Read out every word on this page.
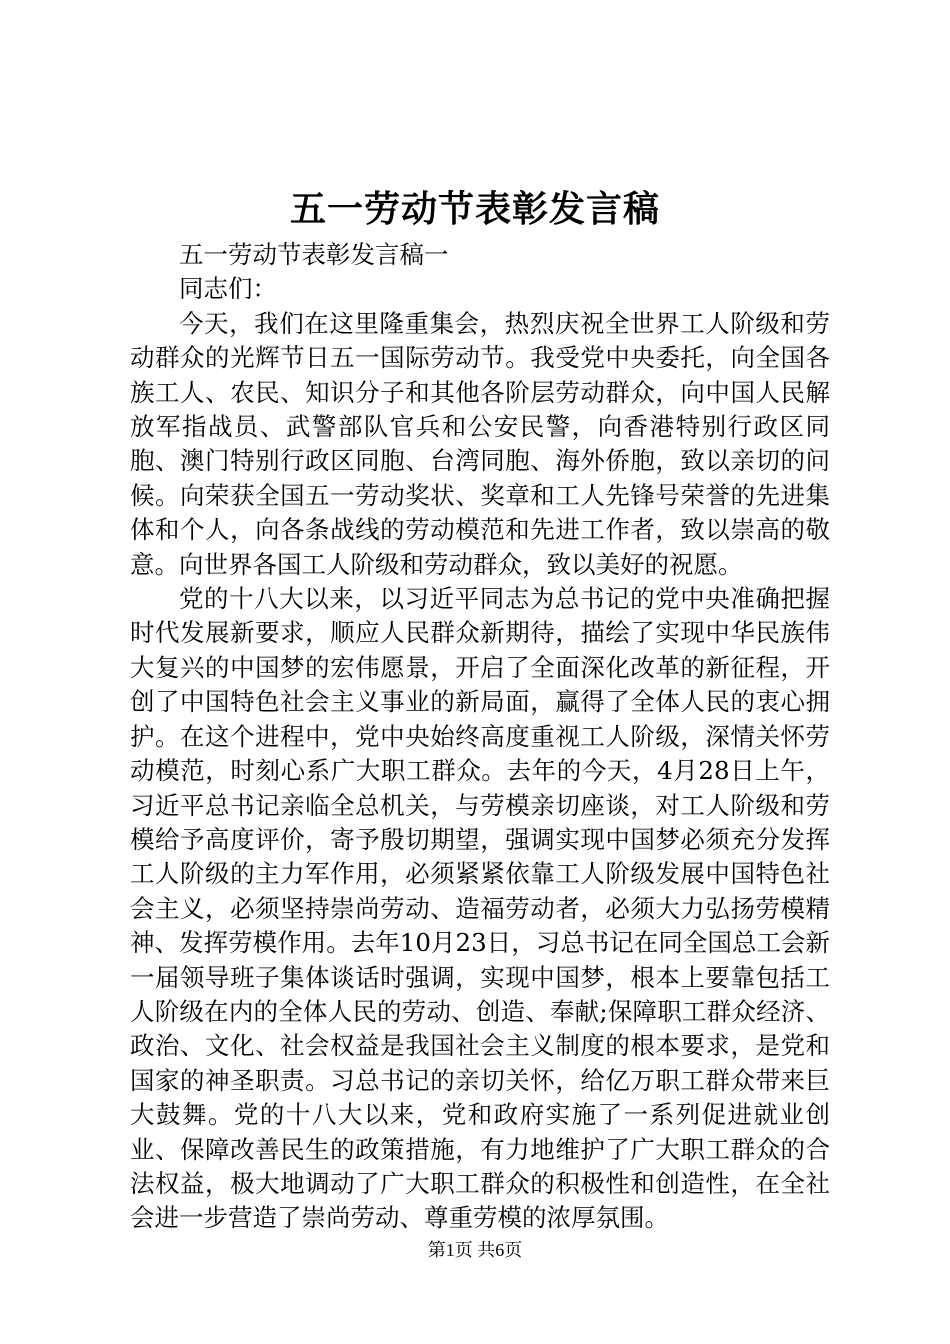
五一劳动节表彰发言稿

五一劳动节表彰发言稿一

同志们：

今天，我们在这里隆重集会，热烈庆祝全世界工人阶级和劳动群众的光辉节日五一国际劳动节。我受党中央委托，向全国各族工人、农民、知识分子和其他各阶层劳动群众，向中国人民解放军指战员、武警部队官兵和公安民警，向香港特别行政区同胞、澳门特别行政区同胞、台湾同胞、海外侨胞，致以亲切的问候。向荣获全国五一劳动奖状、奖章和工人先锋号荣誉的先进集体和个人，向各条战线的劳动模范和先进工作者，致以崇高的敬意。向世界各国工人阶级和劳动群众，致以美好的祝愿。

党的十八大以来，以习近平同志为总书记的党中央准确把握时代发展新要求，顺应人民群众新期待，描绘了实现中华民族伟大复兴的中国梦的宏伟愿景，开启了全面深化改革的新征程，开创了中国特色社会主义事业的新局面，赢得了全体人民的衷心拥护。在这个进程中，党中央始终高度重视工人阶级，深情关怀劳动模范，时刻心系广大职工群众。去年的今天，4月28日上午，习近平总书记亲临全总机关，与劳模亲切座谈，对工人阶级和劳模给予高度评价，寄予殷切期望，强调实现中国梦必须充分发挥工人阶级的主力军作用，必须紧紧依靠工人阶级发展中国特色社会主义，必须坚持崇尚劳动、造福劳动者，必须大力弘扬劳模精神、发挥劳模作用。去年10月23日，习总书记在同全国总工会新一届领导班子集体谈话时强调，实现中国梦，根本上要靠包括工人阶级在内的全体人民的劳动、创造、奉献;保障职工群众经济、政治、文化、社会权益是我国社会主义制度的根本要求，是党和国家的神圣职责。习总书记的亲切关怀，给亿万职工群众带来巨大鼓舞。党的十八大以来，党和政府实施了一系列促进就业创业、保障改善民生的政策措施，有力地维护了广大职工群众的合法权益，极大地调动了广大职工群众的积极性和创造性，在全社会进一步营造了崇尚劳动、尊重劳模的浓厚氛围。

第1页 共6页
